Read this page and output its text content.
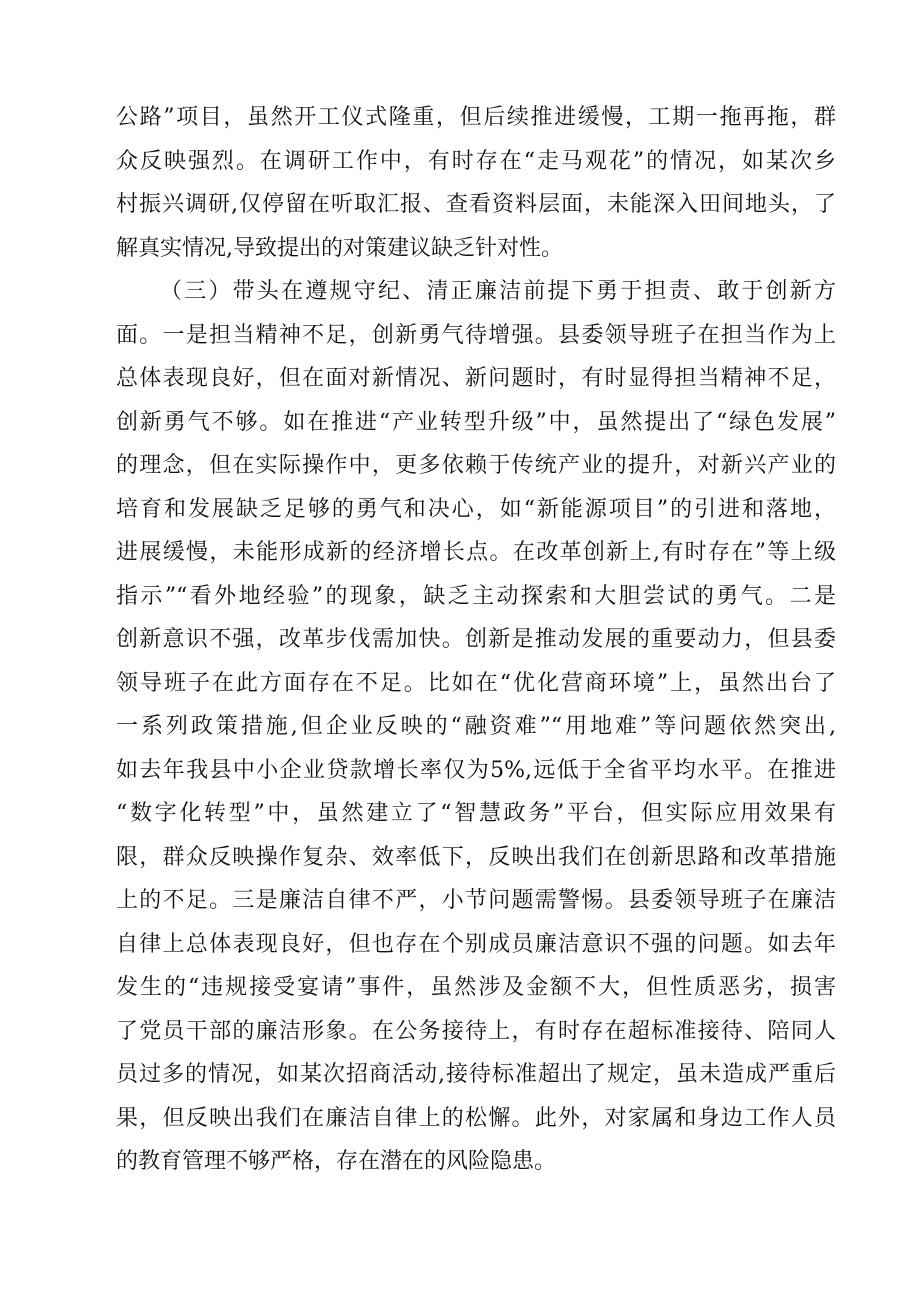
公路”项目，虽然开工仪式隆重，但后续推进缓慢，工期一拖再拖，群
众反映强烈。在调研工作中，有时存在“走马观花”的情况，如某次乡
村振兴调研,仅停留在听取汇报、查看资料层面，未能深入田间地头，了
解真实情况,导致提出的对策建议缺乏针对性。
（三）带头在遵规守纪、清正廉洁前提下勇于担责、敢于创新方
面。一是担当精神不足，创新勇气待增强。县委领导班子在担当作为上
总体表现良好，但在面对新情况、新问题时，有时显得担当精神不足，
创新勇气不够。如在推进“产业转型升级”中，虽然提出了“绿色发展”
的理念，但在实际操作中，更多依赖于传统产业的提升，对新兴产业的
培育和发展缺乏足够的勇气和决心，如“新能源项目”的引进和落地，
进展缓慢，未能形成新的经济增长点。在改革创新上,有时存在”等上级
指示”“看外地经验”的现象，缺乏主动探索和大胆尝试的勇气。二是
创新意识不强，改革步伐需加快。创新是推动发展的重要动力，但县委
领导班子在此方面存在不足。比如在“优化营商环境”上，虽然出台了
一系列政策措施,但企业反映的“融资难”“用地难”等问题依然突出,
如去年我县中小企业贷款增长率仅为5%,远低于全省平均水平。在推进
“数字化转型”中，虽然建立了“智慧政务”平台，但实际应用效果有
限，群众反映操作复杂、效率低下，反映出我们在创新思路和改革措施
上的不足。三是廉洁自律不严，小节问题需警惕。县委领导班子在廉洁
自律上总体表现良好，但也存在个别成员廉洁意识不强的问题。如去年
发生的“违规接受宴请”事件，虽然涉及金额不大，但性质恶劣，损害
了党员干部的廉洁形象。在公务接待上，有时存在超标准接待、陪同人
员过多的情况，如某次招商活动,接待标准超出了规定，虽未造成严重后
果，但反映出我们在廉洁自律上的松懈。此外，对家属和身边工作人员
的教育管理不够严格，存在潜在的风险隐患。
